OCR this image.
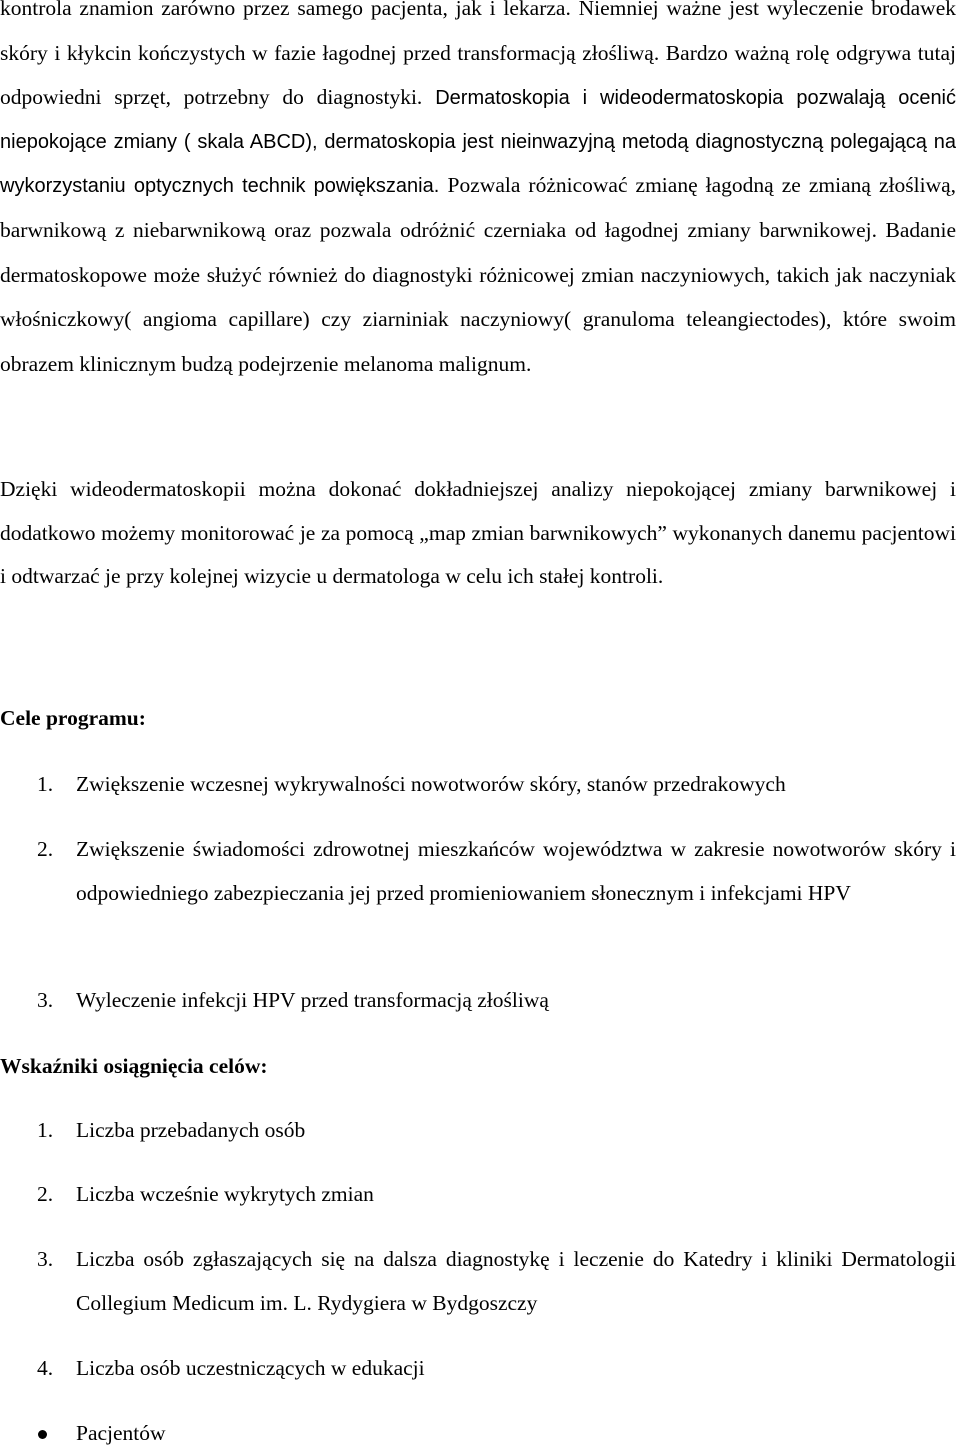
kontrola znamion zarówno przez samego pacjenta, jak i lekarza. Niemniej ważne jest wyleczenie brodawek skóry i kłykcin kończystych w fazie łagodnej przed transformacją złośliwą. Bardzo ważną rolę odgrywa tutaj odpowiedni sprzęt, potrzebny do diagnostyki. Dermatoskopia i wideodermatoskopia pozwalają ocenić niepokojące zmiany ( skala ABCD), dermatoskopia jest nieinwazyjną metodą diagnostyczną polegającą na wykorzystaniu optycznych technik powiększania. Pozwala różnicować zmianę łagodną ze zmianą złośliwą, barwnikową z niebarwnikową oraz pozwala odróżnić czerniaka od łagodnej zmiany barwnikowej. Badanie dermatoskopowe może służyć również do diagnostyki różnicowej zmian naczyniowych, takich jak naczyniak włośniczkowy( angioma capillare) czy ziarniniak naczyniowy( granuloma teleangiectodes), które swoim obrazem klinicznym budzą podejrzenie melanoma malignum.

Dzięki wideodermatoskopii można dokonać dokładniejszej analizy niepokojącej zmiany barwnikowej i dodatkowo możemy monitorować je za pomocą „map zmian barwnikowych” wykonanych danemu pacjentowi i odtwarzać je przy kolejnej wizycie u dermatologa w celu ich stałej kontroli.

Cele programu:
1. Zwiększenie wczesnej wykrywalności nowotworów skóry, stanów przedrakowych
2. Zwiększenie świadomości zdrowotnej mieszkańców województwa w zakresie nowotworów skóry i odpowiedniego zabezpieczania jej przed promieniowaniem słonecznym i infekcjami HPV
3. Wyleczenie infekcji HPV przed transformacją złośliwą
Wskaźniki osiągnięcia celów:
1. Liczba przebadanych osób
2. Liczba wcześnie wykrytych zmian
3. Liczba osób zgłaszających się na dalsza diagnostykę i leczenie do Katedry i kliniki Dermatologii Collegium Medicum im. L. Rydygiera w Bydgoszczy
4. Liczba osób uczestniczących w edukacji
Pacjentów
